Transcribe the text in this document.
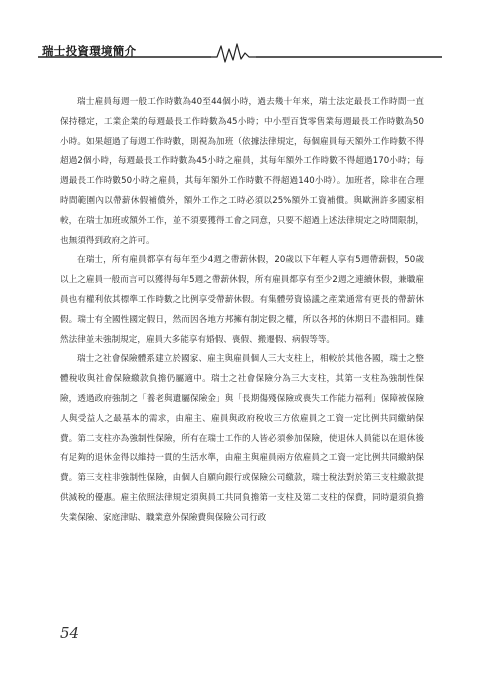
瑞士投資環境簡介

瑞士雇員每週一般工作時數為40至44個小時，過去幾十年來，瑞士法定最長工作時間一直保持穩定，工業企業的每週最長工作時數為45小時；中小型百貨零售業每週最長工作時數為50小時。如果超過了每週工作時數，則視為加班（依據法律規定，每個雇員每天額外工作時數不得超過2個小時，每週最長工作時數為45小時之雇員，其每年額外工作時數不得超過170小時；每週最長工作時數50小時之雇員，其每年額外工作時數不得超過140小時）。加班者，除非在合理時間範圍內以帶薪休假補償外，額外工作之工時必須以25%額外工資補償。與歐洲許多國家相較，在瑞士加班或額外工作，並不須要獲得工會之同意，只要不超過上述法律規定之時間限制，也無須得到政府之許可。

在瑞士，所有雇員都享有每年至少4週之帶薪休假，20歲以下年輕人享有5週帶薪假，50歲以上之雇員一般而言可以獲得每年5週之帶薪休假，所有雇員都享有至少2週之連續休假，兼職雇員也有權利依其標準工作時數之比例享受帶薪休假。有集體勞資協議之產業通常有更長的帶薪休假。瑞士有全國性國定假日，然而因各地方邦擁有制定假之權，所以各邦的休期日不盡相同。雖然法律並未強制規定，雇員大多能享有婚假、喪假、搬遷假、病假等等。

瑞士之社會保險體系建立於國家、雇主與雇員個人三大支柱上，相較於其他各國，瑞士之整體稅收與社會保險繳款負擔仍屬適中。瑞士之社會保險分為三大支柱，其第一支柱為強制性保險，透過政府強制之「養老與遺屬保險金」與「長期傷殘保險或喪失工作能力福利」保障被保險人與受益人之最基本的需求，由雇主、雇員與政府稅收三方依雇員之工資一定比例共同繳納保費。第二支柱亦為強制性保險，所有在瑞士工作的人皆必須參加保險，使退休人員能以在退休後有足夠的退休金得以維持一貫的生活水準，由雇主與雇員兩方依雇員之工資一定比例共同繳納保費。第三支柱非強制性保險，由個人自願向銀行或保險公司繳款，瑞士稅法對於第三支柱繳款提供減稅的優惠。雇主依照法律規定須與員工共同負擔第一支柱及第二支柱的保費，同時還須負擔失業保險、家庭津貼、職業意外保險費與保險公司行政

54
